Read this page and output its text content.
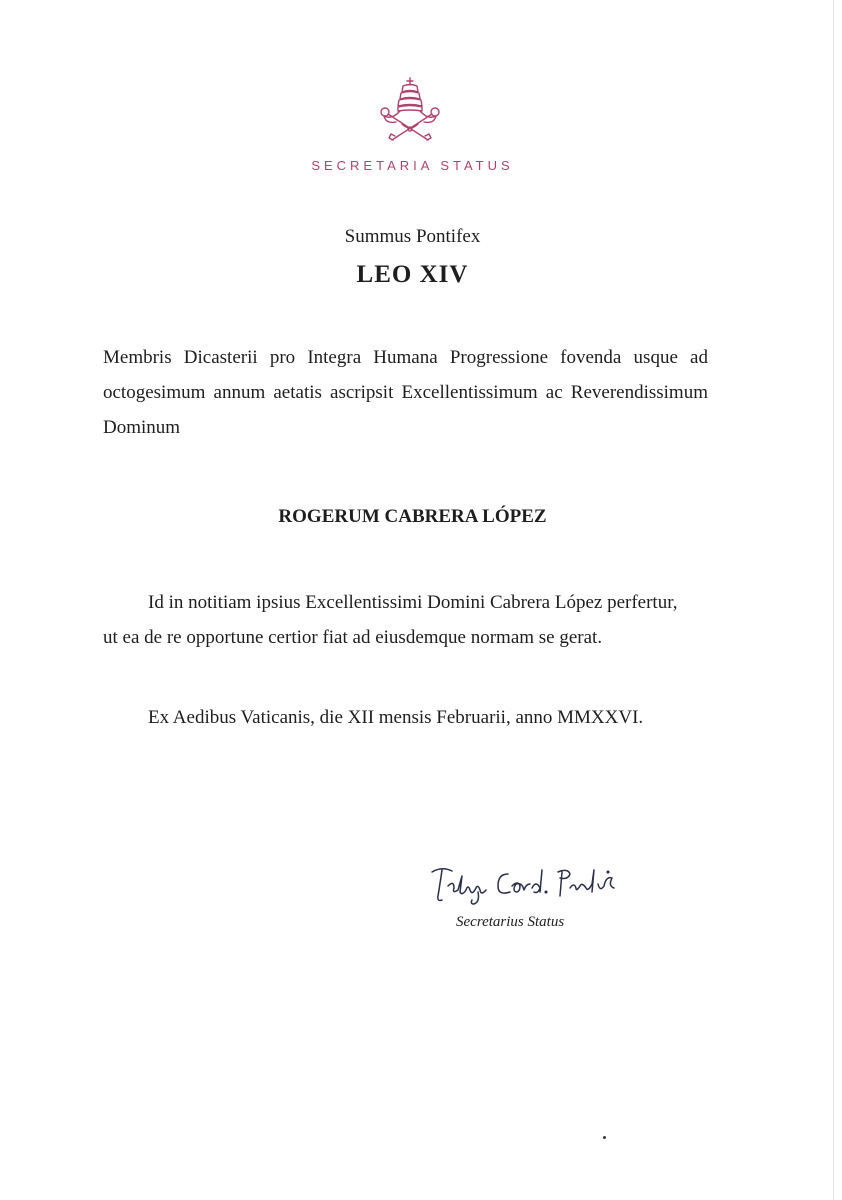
SECRETARIA STATUS
Summus Pontifex
LEO XIV
Membris Dicasterii pro Integra Humana Progressione fovenda usque ad octogesimum annum aetatis ascripsit Excellentissimum ac Reverendissimum Dominum
ROGERUM CABRERA LÓPEZ
Id in notitiam ipsius Excellentissimi Domini Cabrera López perfertur,
ut ea de re opportune certior fiat ad eiusdemque normam se gerat.
Ex Aedibus Vaticanis, die XII mensis Februarii, anno MMXXVI.
Secretarius Status
